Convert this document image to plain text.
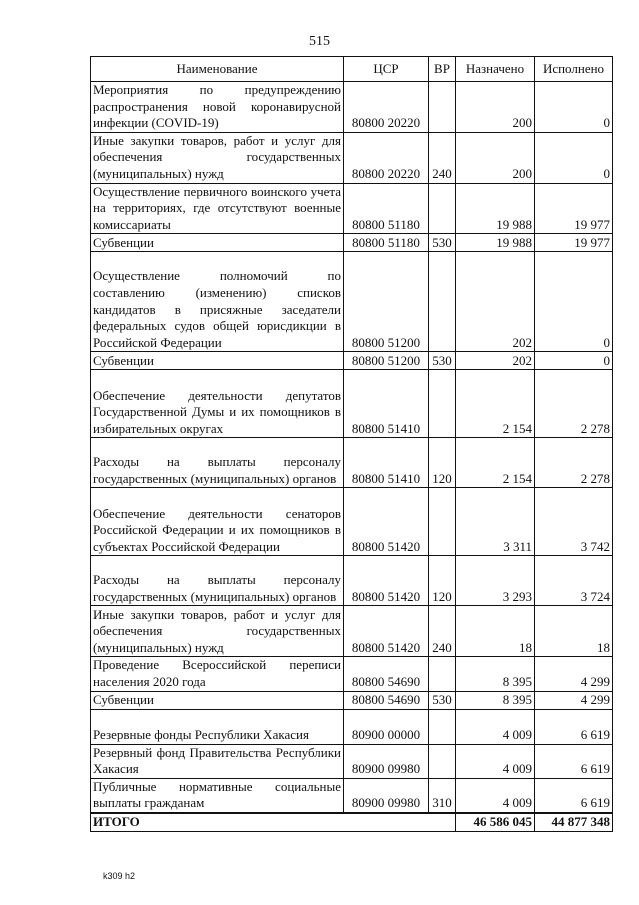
515
Наименование	ЦСР	ВР	Назначено	Исполнено
Мероприятия по предупреждению распространения новой коронавирусной инфекции (COVID-19)	80800 20220		200	0
Иные закупки товаров, работ и услуг для обеспечения государственных (муниципальных) нужд	80800 20220	240	200	0
Осуществление первичного воинского учета на территориях, где отсутствуют военные комиссариаты	80800 51180		19 988	19 977
Субвенции	80800 51180	530	19 988	19 977
Осуществление полномочий по составлению (изменению) списков кандидатов в присяжные заседатели федеральных судов общей юрисдикции в Российской Федерации	80800 51200		202	0
Субвенции	80800 51200	530	202	0
Обеспечение деятельности депутатов Государственной Думы и их помощников в избирательных округах	80800 51410		2 154	2 278
Расходы на выплаты персоналу государственных (муниципальных) органов	80800 51410	120	2 154	2 278
Обеспечение деятельности сенаторов Российской Федерации и их помощников в субъектах Российской Федерации	80800 51420		3 311	3 742
Расходы на выплаты персоналу государственных (муниципальных) органов	80800 51420	120	3 293	3 724
Иные закупки товаров, работ и услуг для обеспечения государственных (муниципальных) нужд	80800 51420	240	18	18
Проведение Всероссийской переписи населения 2020 года	80800 54690		8 395	4 299
Субвенции	80800 54690	530	8 395	4 299
Резервные фонды Республики Хакасия	80900 00000		4 009	6 619
Резервный фонд Правительства Республики Хакасия	80900 09980		4 009	6 619
Публичные нормативные социальные выплаты гражданам	80900 09980	310	4 009	6 619
ИТОГО			46 586 045	44 877 348
k309 h2
